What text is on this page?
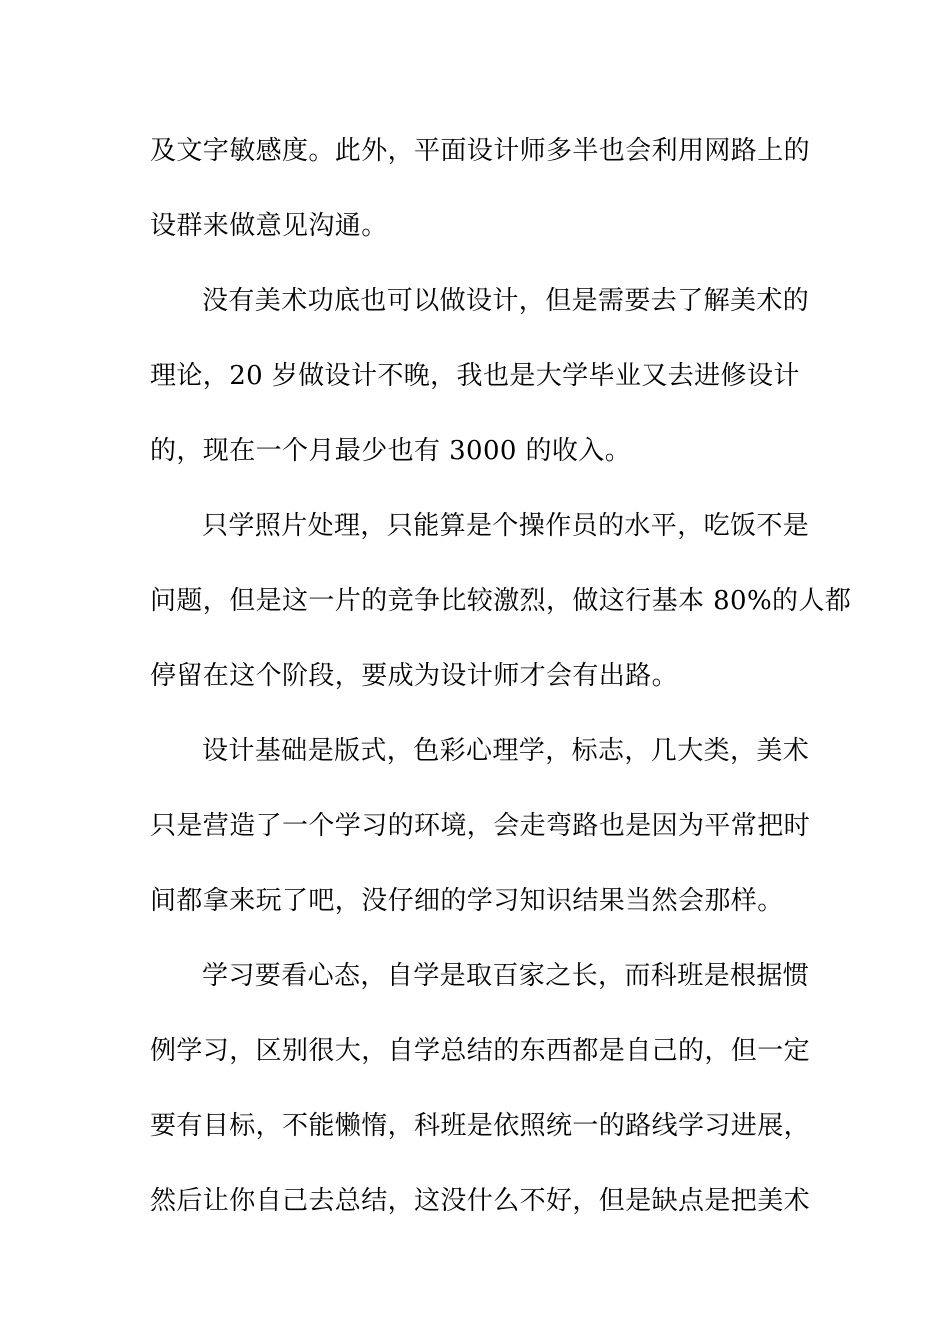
及文字敏感度。此外，平面设计师多半也会利用网路上的

设群来做意见沟通。

没有美术功底也可以做设计，但是需要去了解美术的

理论，20 岁做设计不晚，我也是大学毕业又去进修设计

的，现在一个月最少也有 3000 的收入。

只学照片处理，只能算是个操作员的水平，吃饭不是

问题，但是这一片的竞争比较激烈，做这行基本 80%的人都

停留在这个阶段，要成为设计师才会有出路。

设计基础是版式，色彩心理学，标志，几大类，美术

只是营造了一个学习的环境，会走弯路也是因为平常把时

间都拿来玩了吧，没仔细的学习知识结果当然会那样。

学习要看心态，自学是取百家之长，而科班是根据惯

例学习，区别很大，自学总结的东西都是自己的，但一定

要有目标，不能懒惰，科班是依照统一的路线学习进展，

然后让你自己去总结，这没什么不好，但是缺点是把美术
